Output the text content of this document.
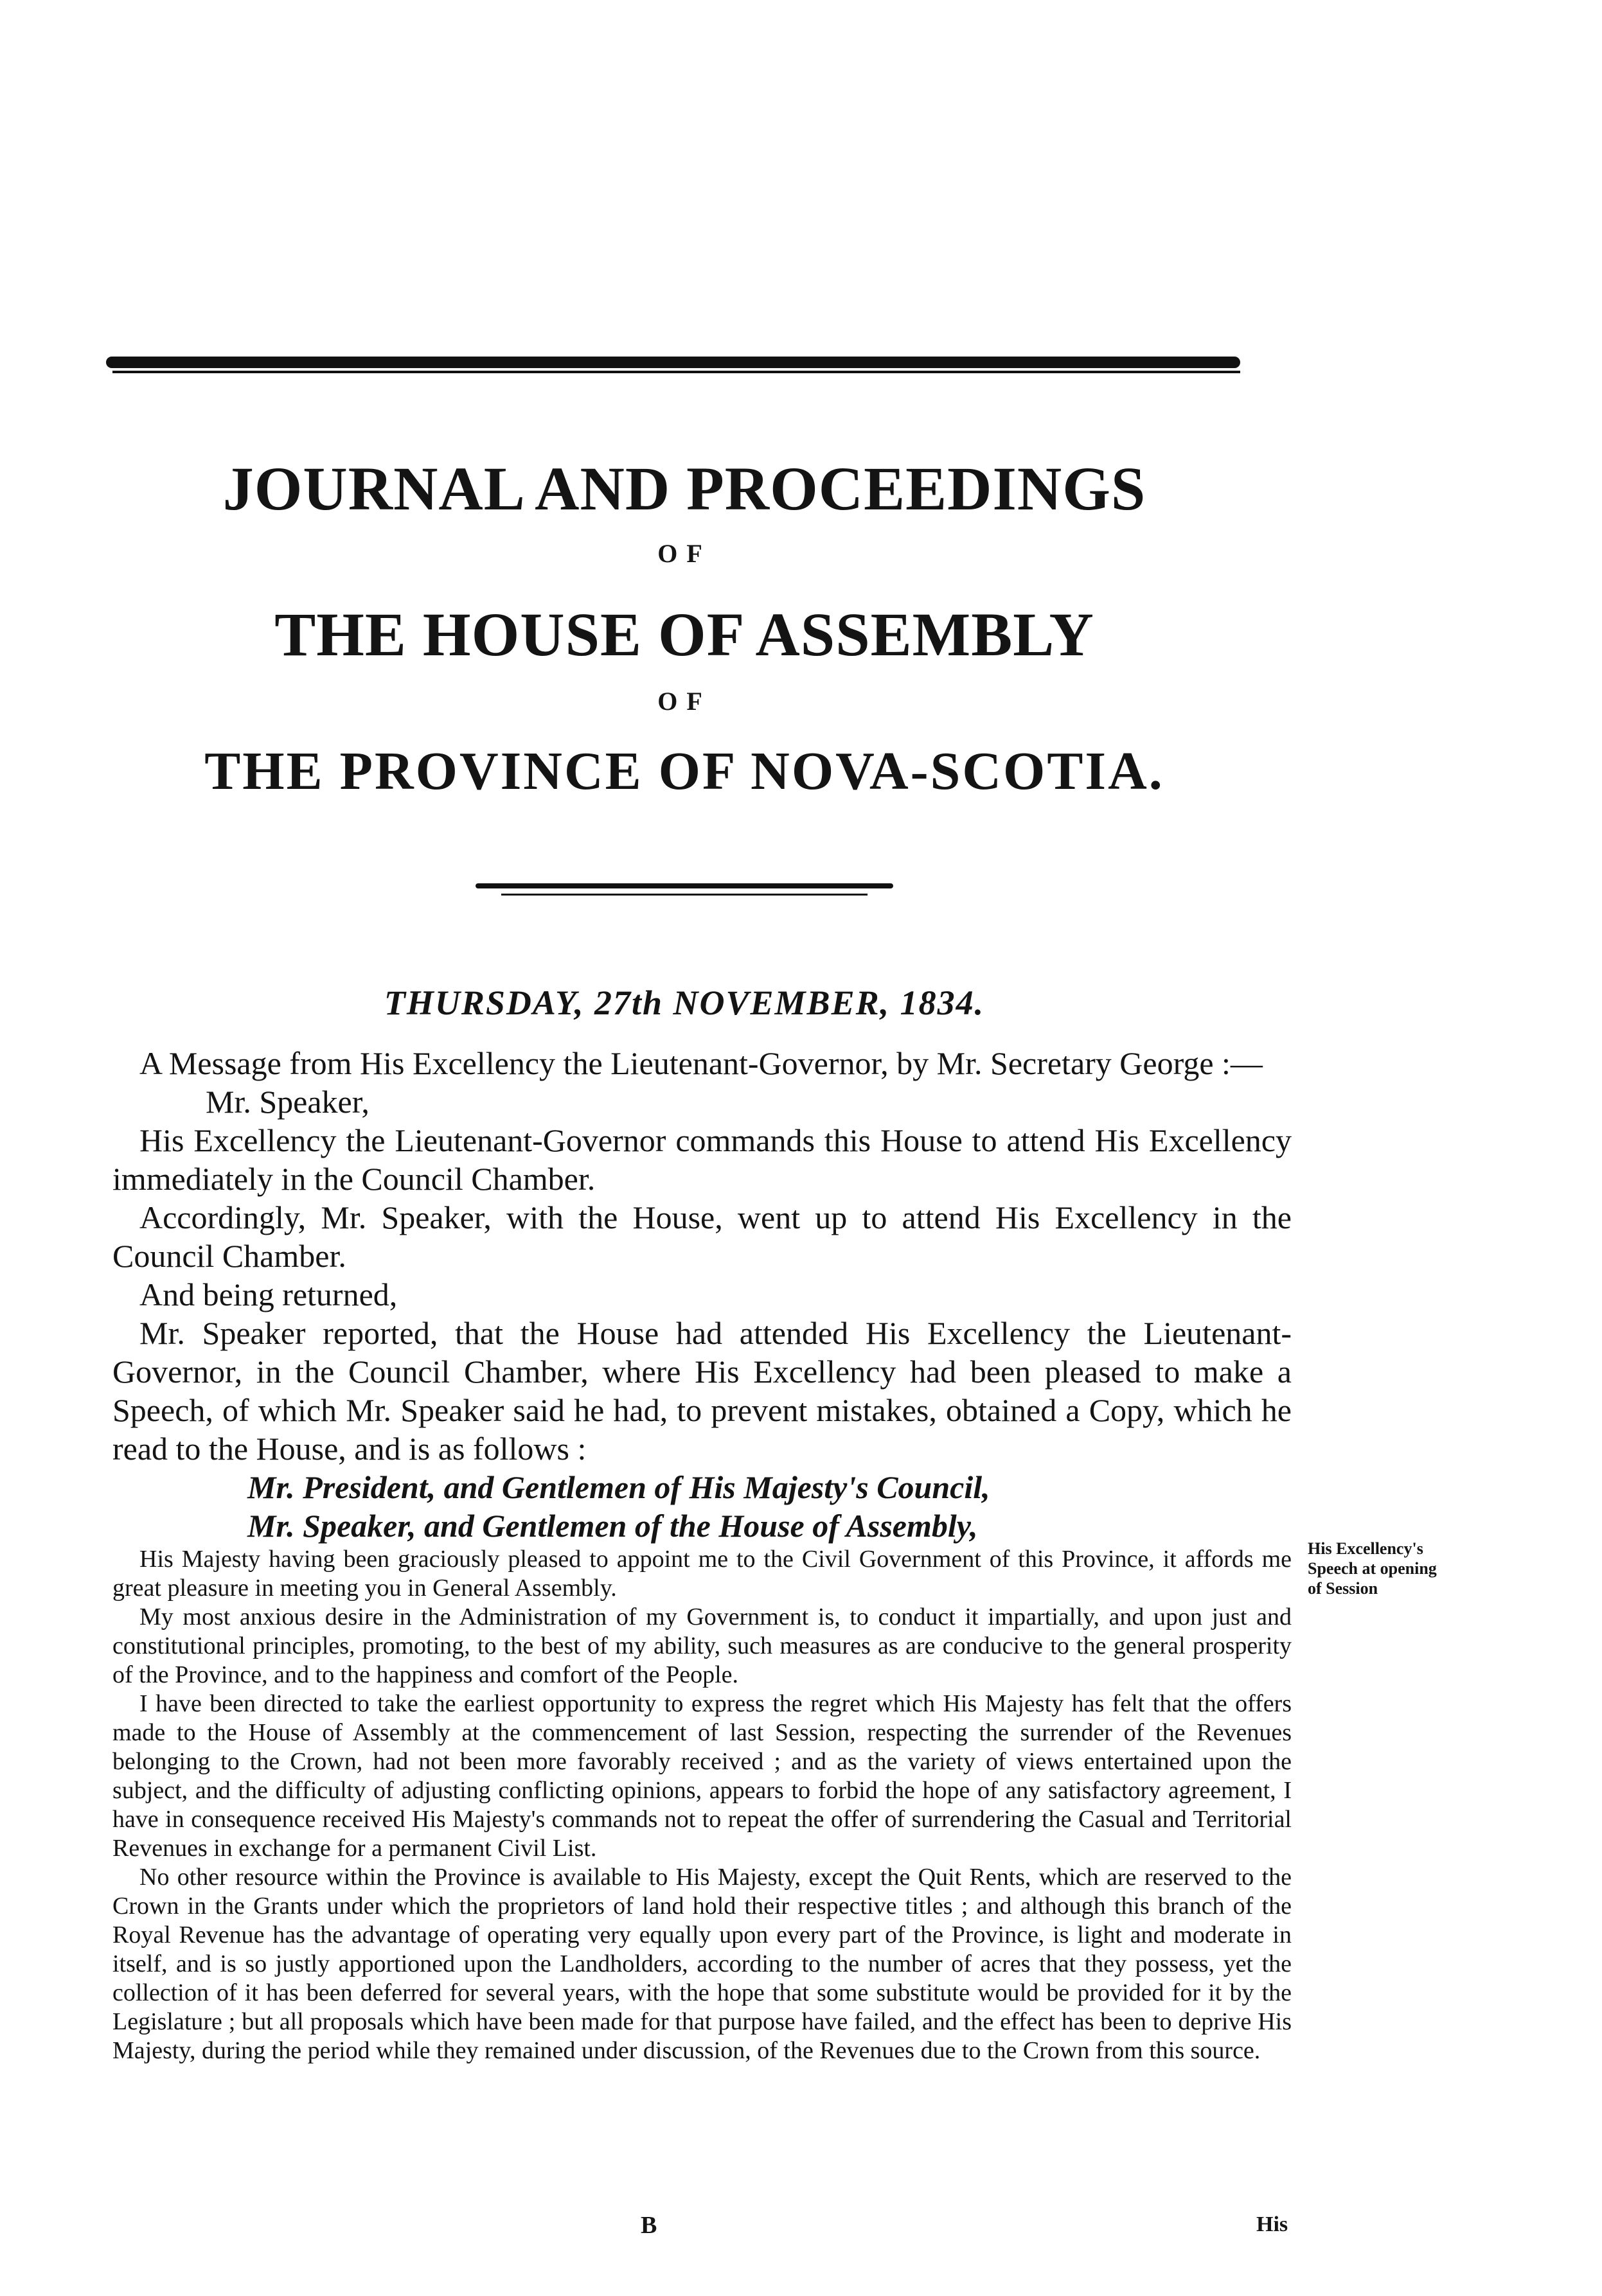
JOURNAL AND PROCEEDINGS
OF
THE HOUSE OF ASSEMBLY
OF
THE PROVINCE OF NOVA-SCOTIA.
THURSDAY, 27th NOVEMBER, 1834.

A Message from His Excellency the Lieutenant-Governor, by Mr. Secretary George :—

Mr. Speaker,

His Excellency the Lieutenant-Governor commands this House to attend His Excellency immediately in the Council Chamber.

Accordingly, Mr. Speaker, with the House, went up to attend His Excellency in the Council Chamber.

And being returned,

Mr. Speaker reported, that the House had attended His Excellency the Lieutenant-Governor, in the Council Chamber, where His Excellency had been pleased to make a Speech, of which Mr. Speaker said he had, to prevent mistakes, obtained a Copy, which he read to the House, and is as follows :

Mr. President, and Gentlemen of His Majesty's Council,

Mr. Speaker, and Gentlemen of the House of Assembly,

His Majesty having been graciously pleased to appoint me to the Civil Government of this Province, it affords me great pleasure in meeting you in General Assembly.

My most anxious desire in the Administration of my Government is, to conduct it impartially, and upon just and constitutional principles, promoting, to the best of my ability, such measures as are conducive to the general prosperity of the Province, and to the happiness and comfort of the People.

I have been directed to take the earliest opportunity to express the regret which His Majesty has felt that the offers made to the House of Assembly at the commencement of last Session, respecting the surrender of the Revenues belonging to the Crown, had not been more favorably received ; and as the variety of views entertained upon the subject, and the difficulty of adjusting conflicting opinions, appears to forbid the hope of any satisfactory agreement, I have in consequence received His Majesty's commands not to repeat the offer of surrendering the Casual and Territorial Revenues in exchange for a permanent Civil List.

No other resource within the Province is available to His Majesty, except the Quit Rents, which are reserved to the Crown in the Grants under which the proprietors of land hold their respective titles ; and although this branch of the Royal Revenue has the advantage of operating very equally upon every part of the Province, is light and moderate in itself, and is so justly apportioned upon the Landholders, according to the number of acres that they possess, yet the collection of it has been deferred for several years, with the hope that some substitute would be provided for it by the Legislature ; but all proposals which have been made for that purpose have failed, and the effect has been to deprive His Majesty, during the period while they remained under discussion, of the Revenues due to the Crown from this source.

His Excellency's
Speech at opening
of Session
B	His
